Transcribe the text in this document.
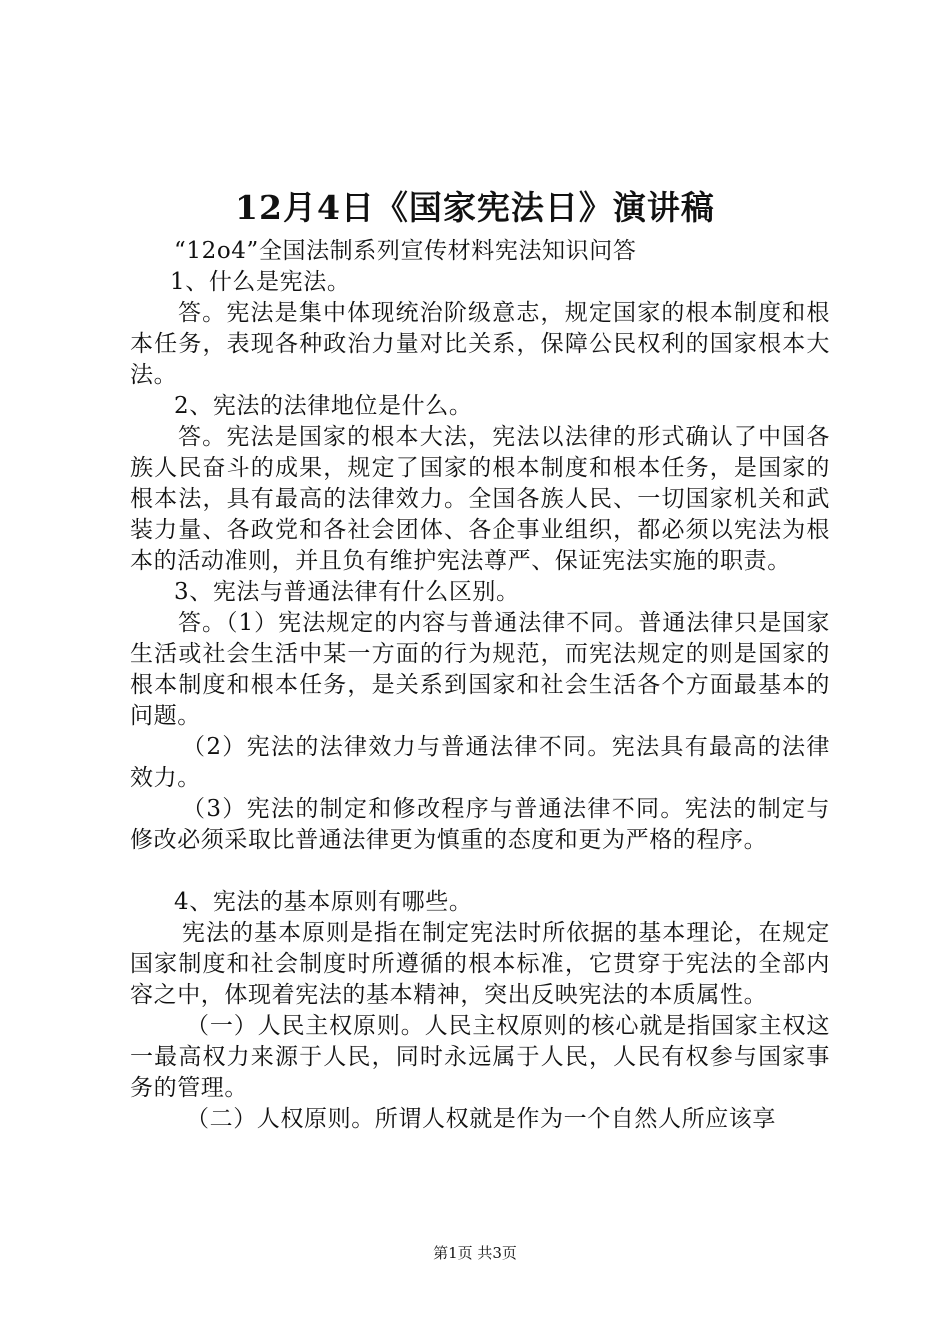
12月4日《国家宪法日》演讲稿

“12o4”全国法制系列宣传材料宪法知识问答

1、什么是宪法。

答。宪法是集中体现统治阶级意志，规定国家的根本制度和根本任务，表现各种政治力量对比关系，保障公民权利的国家根本大法。

2、宪法的法律地位是什么。

答。宪法是国家的根本大法，宪法以法律的形式确认了中国各族人民奋斗的成果，规定了国家的根本制度和根本任务，是国家的根本法，具有最高的法律效力。全国各族人民、一切国家机关和武装力量、各政党和各社会团体、各企事业组织，都必须以宪法为根本的活动准则，并且负有维护宪法尊严、保证宪法实施的职责。

3、宪法与普通法律有什么区别。

答。（1）宪法规定的内容与普通法律不同。普通法律只是国家生活或社会生活中某一方面的行为规范，而宪法规定的则是国家的根本制度和根本任务，是关系到国家和社会生活各个方面最基本的问题。

（2）宪法的法律效力与普通法律不同。宪法具有最高的法律效力。

（3）宪法的制定和修改程序与普通法律不同。宪法的制定与修改必须采取比普通法律更为慎重的态度和更为严格的程序。

4、宪法的基本原则有哪些。

宪法的基本原则是指在制定宪法时所依据的基本理论，在规定国家制度和社会制度时所遵循的根本标准，它贯穿于宪法的全部内容之中，体现着宪法的基本精神，突出反映宪法的本质属性。

（一）人民主权原则。人民主权原则的核心就是指国家主权这一最高权力来源于人民，同时永远属于人民，人民有权参与国家事务的管理。

（二）人权原则。所谓人权就是作为一个自然人所应该享

第1页 共3页
